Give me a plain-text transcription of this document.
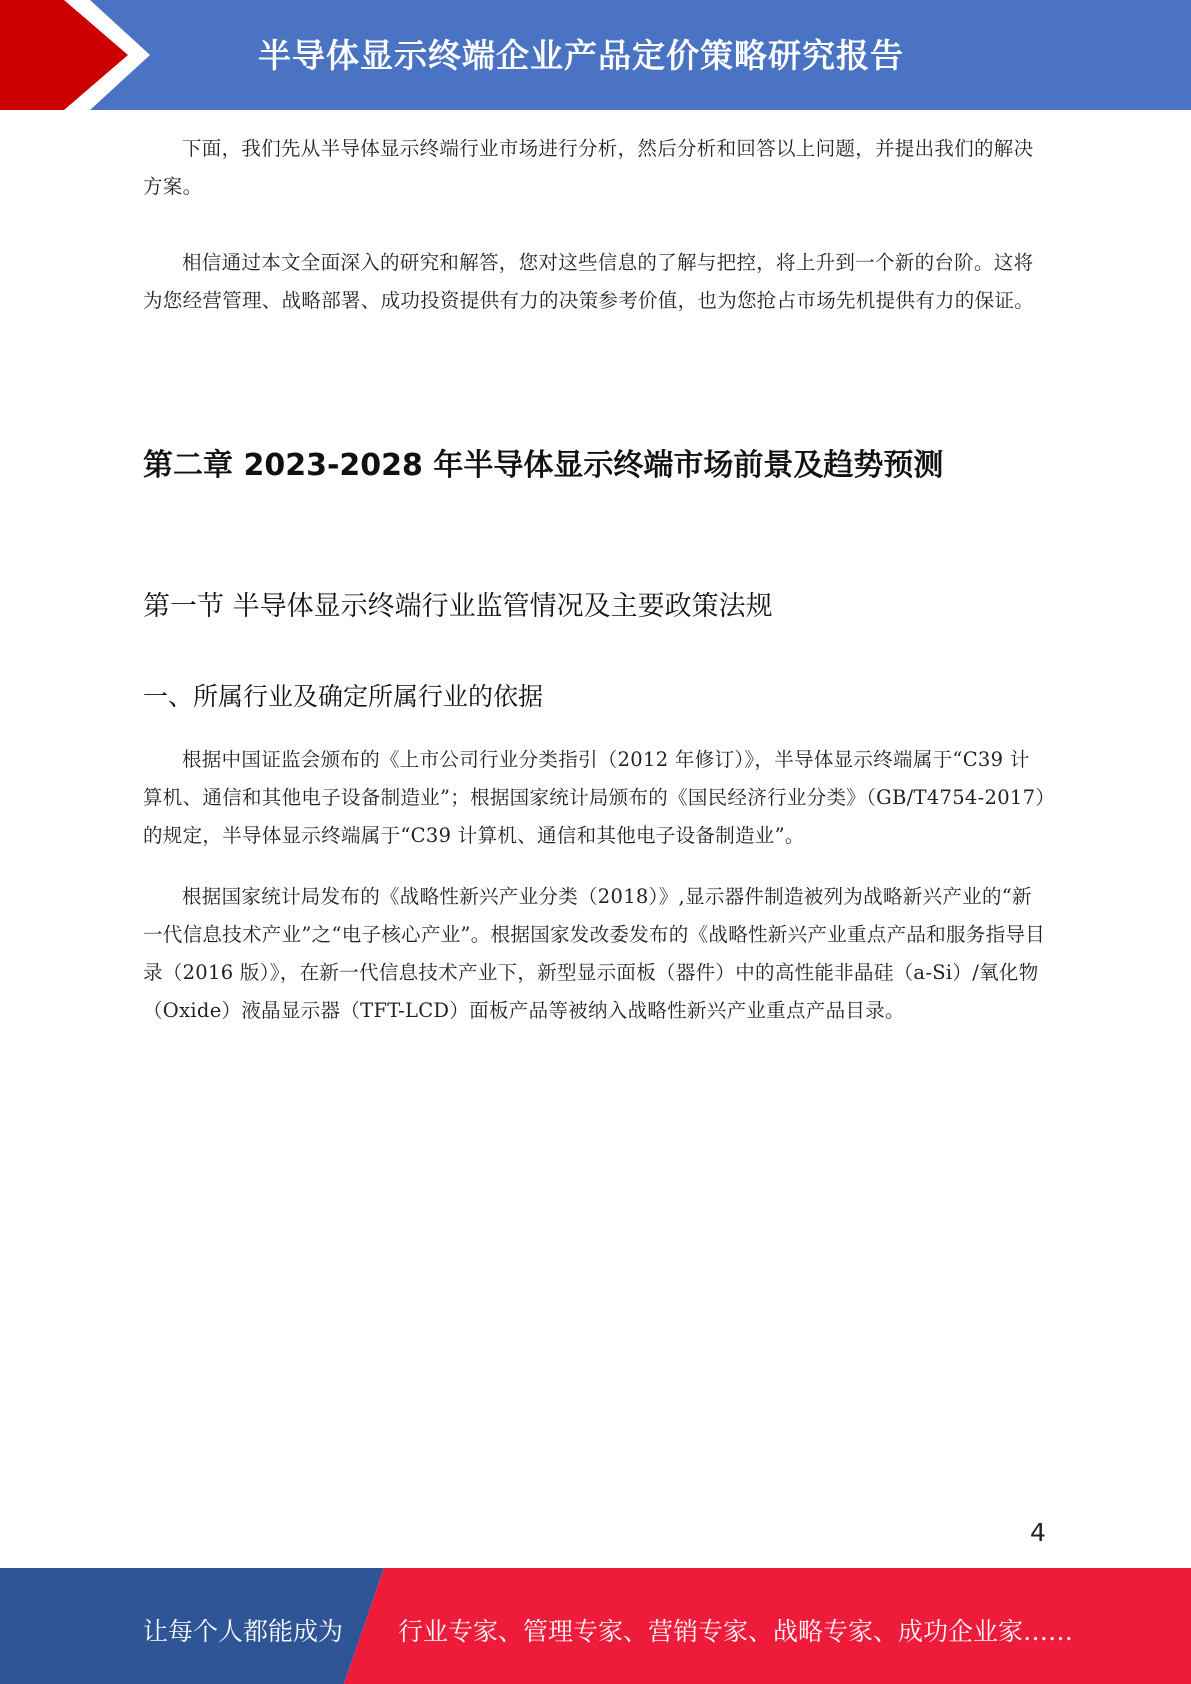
半导体显示终端企业产品定价策略研究报告

下面，我们先从半导体显示终端行业市场进行分析，然后分析和回答以上问题，并提出我们的解决方案。

相信通过本文全面深入的研究和解答，您对这些信息的了解与把控，将上升到一个新的台阶。这将为您经营管理、战略部署、成功投资提供有力的决策参考价值，也为您抢占市场先机提供有力的保证。

第二章 2023-2028 年半导体显示终端市场前景及趋势预测
第一节 半导体显示终端行业监管情况及主要政策法规
一、所属行业及确定所属行业的依据

根据中国证监会颁布的《上市公司行业分类指引（2012 年修订）》，半导体显示终端属于“C39 计算机、通信和其他电子设备制造业”；根据国家统计局颁布的《国民经济行业分类》（GB/T4754-2017）的规定，半导体显示终端属于“C39 计算机、通信和其他电子设备制造业”。

根据国家统计局发布的《战略性新兴产业分类（2018）》,显示器件制造被列为战略新兴产业的“新一代信息技术产业”之“电子核心产业”。根据国家发改委发布的《战略性新兴产业重点产品和服务指导目录（2016 版）》，在新一代信息技术产业下，新型显示面板（器件）中的高性能非晶硅（a-Si）/氧化物（Oxide）液晶显示器（TFT-LCD）面板产品等被纳入战略性新兴产业重点产品目录。

4
让每个人都能成为 行业专家、管理专家、营销专家、战略专家、成功企业家……
